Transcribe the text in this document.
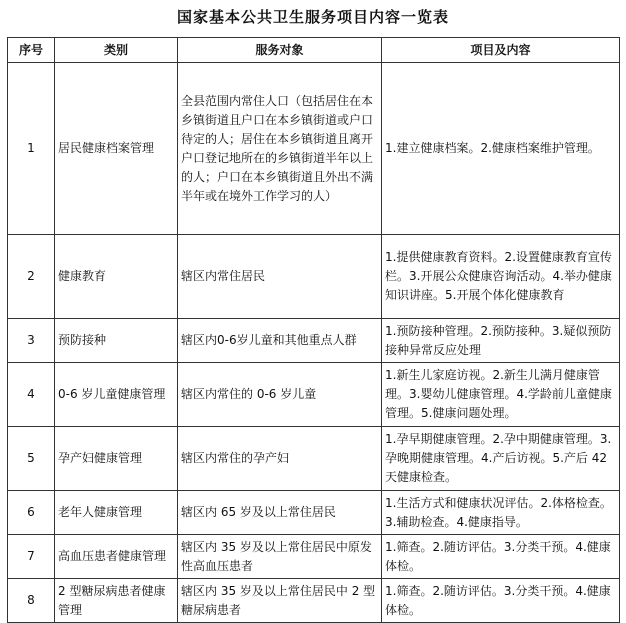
国家基本公共卫生服务项目内容一览表
序号	类别	服务对象	项目及内容
1	居民健康档案管理	全县范围内常住人口（包括居住在本乡镇街道且户口在本乡镇街道或户口待定的人；居住在本乡镇街道且离开户口登记地所在的乡镇街道半年以上的人；户口在本乡镇街道且外出不满半年或在境外工作学习的人）	1.建立健康档案。2.健康档案维护管理。
2	健康教育	辖区内常住居民	1.提供健康教育资料。2.设置健康教育宣传栏。3.开展公众健康咨询活动。4.举办健康知识讲座。5.开展个体化健康教育
3	预防接种	辖区内0-6岁儿童和其他重点人群	1.预防接种管理。2.预防接种。3.疑似预防接种异常反应处理
4	0-6 岁儿童健康管理	辖区内常住的 0-6 岁儿童	1.新生儿家庭访视。2.新生儿满月健康管理。3.婴幼儿健康管理。4.学龄前儿童健康管理。5.健康问题处理。
5	孕产妇健康管理	辖区内常住的孕产妇	1.孕早期健康管理。2.孕中期健康管理。3.孕晚期健康管理。4.产后访视。5.产后 42 天健康检查。
6	老年人健康管理	辖区内 65 岁及以上常住居民	1.生活方式和健康状况评估。2.体格检查。3.辅助检查。4.健康指导。
7	高血压患者健康管理	辖区内 35 岁及以上常住居民中原发性高血压患者	1.筛查。2.随访评估。3.分类干预。4.健康体检。
8	2 型糖尿病患者健康管理	辖区内 35 岁及以上常住居民中 2 型糖尿病患者	1.筛查。2.随访评估。3.分类干预。4.健康体检。
